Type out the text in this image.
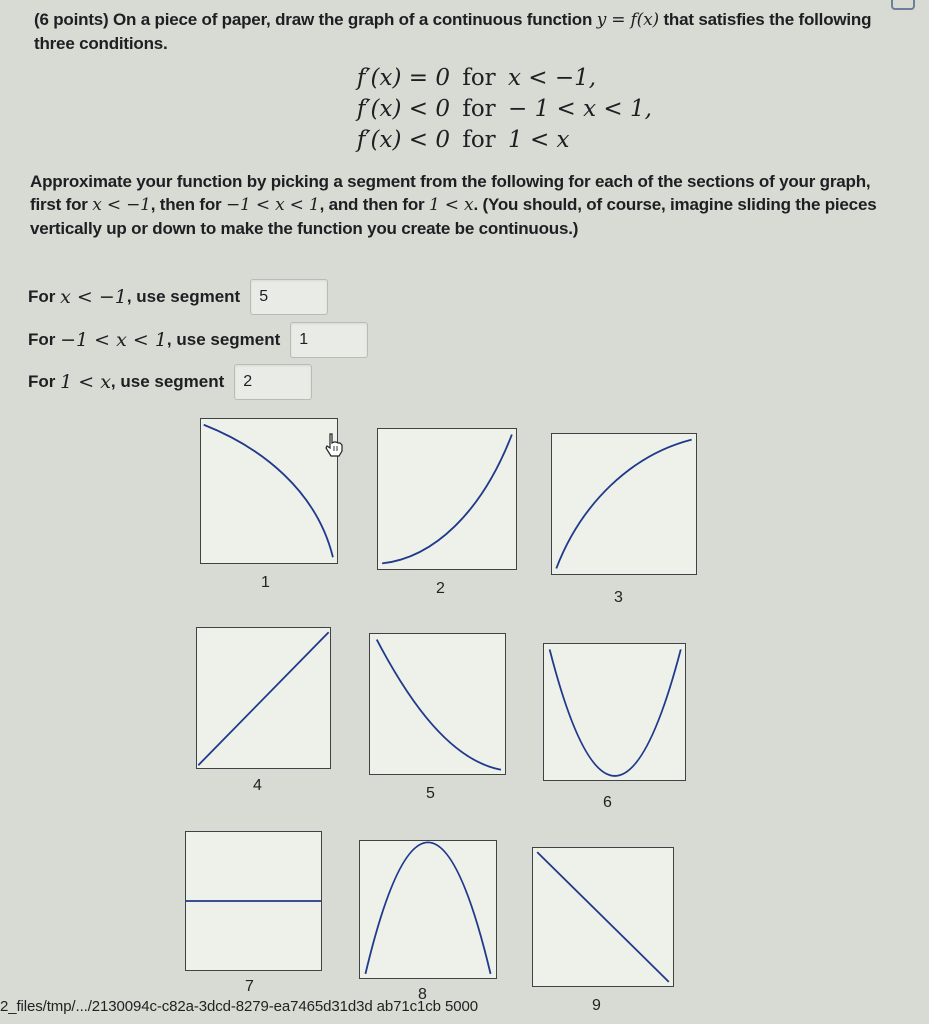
(6 points) On a piece of paper, draw the graph of a continuous function y = f(x) that satisfies the following three conditions.
f′(x) = 0 for x < −1,
f′(x) < 0 for − 1 < x < 1,
f′(x) < 0 for 1 < x
Approximate your function by picking a segment from the following for each of the sections of your graph, first for x < −1, then for −1 < x < 1, and then for 1 < x. (You should, of course, imagine sliding the pieces vertically up or down to make the function you create be continuous.)
For x < −1 , use segment	5
For −1 < x < 1 , use segment	1
For 1 < x , use segment	2
1	2
3
4	5
6
7	8
9
2_files/tmp/.../2130094c-c82a-3dcd-8279-ea7465d31d3d ab71c1cb 5000
